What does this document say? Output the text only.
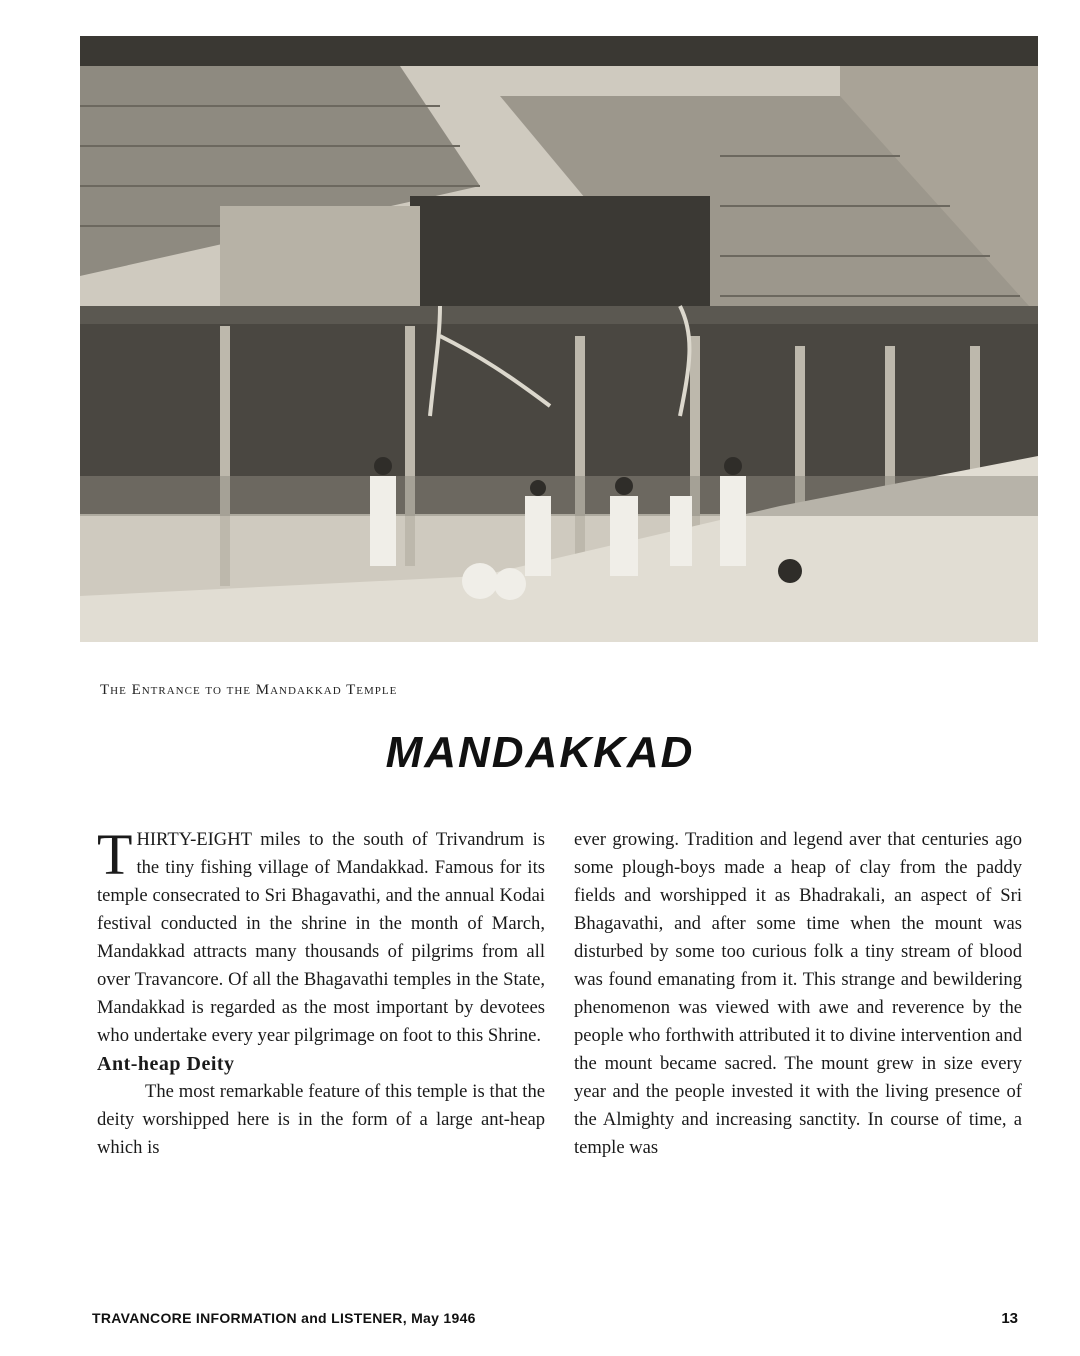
The Entrance to the Mandakkad Temple
MANDAKKAD

THIRTY-EIGHT miles to the south of Trivandrum is the tiny fishing village of Mandakkad. Famous for its temple consecrated to Sri Bhagavathi, and the annual Kodai festival conducted in the shrine in the month of March, Mandakkad attracts many thousands of pilgrims from all over Travancore. Of all the Bhagavathi temples in the State, Mandakkad is regarded as the most important by devotees who undertake every year pilgrimage on foot to this Shrine.

Ant-heap Deity

The most remarkable feature of this temple is that the deity worshipped here is in the form of a large ant-heap which is

ever growing. Tradition and legend aver that centuries ago some plough-boys made a heap of clay from the paddy fields and worshipped it as Bhadrakali, an aspect of Sri Bhagavathi, and after some time when the mount was disturbed by some too curious folk a tiny stream of blood was found emanating from it. This strange and bewildering phenomenon was viewed with awe and reverence by the people who forthwith attributed it to divine intervention and the mount became sacred. The mount grew in size every year and the people invested it with the living presence of the Almighty and increasing sanctity. In course of time, a temple was

TRAVANCORE INFORMATION and LISTENER, May 1946	13
